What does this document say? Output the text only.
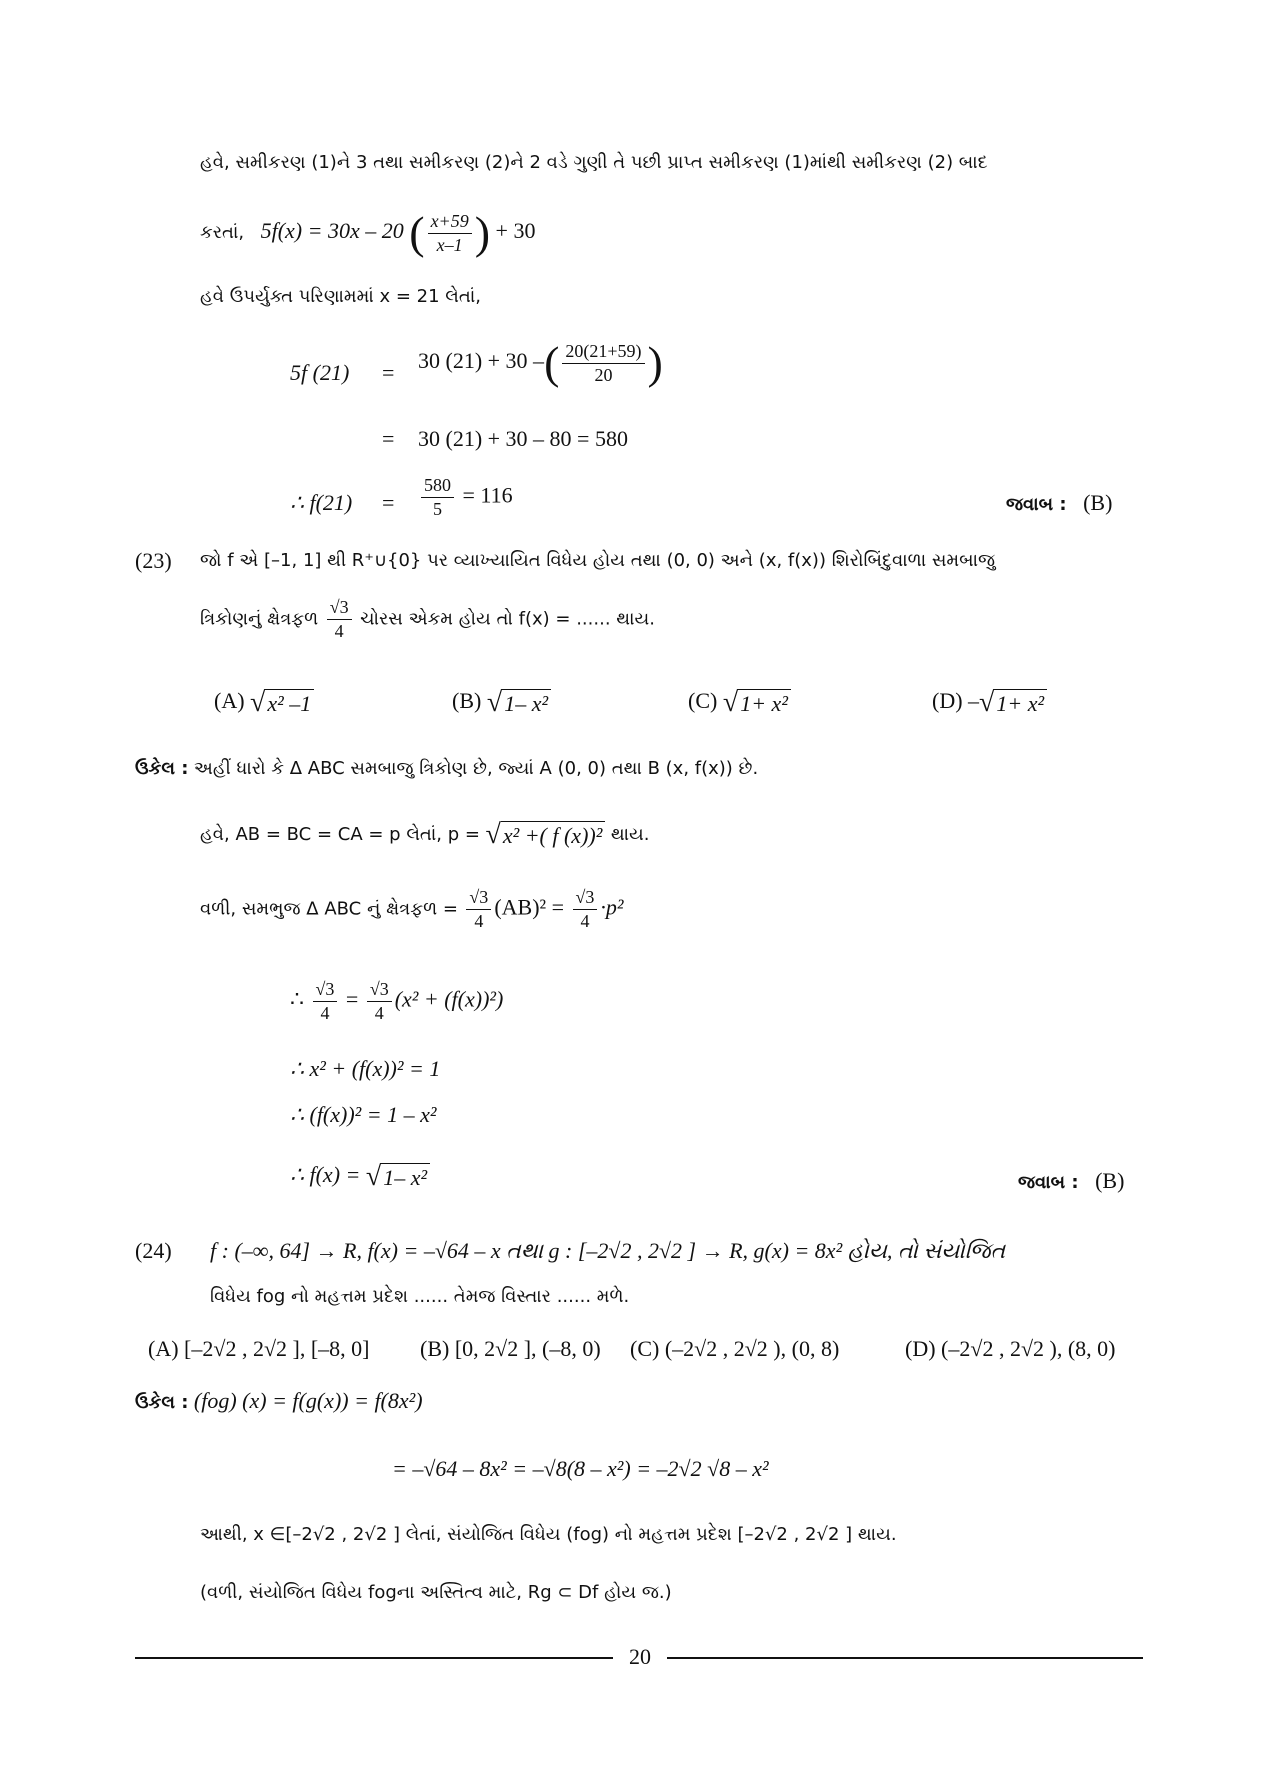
હવે, સમીકરણ (1)ને 3 તથા સમીકરણ (2)ને 2 વડે ગુણી તે પછી પ્રાપ્ત સમીકરણ (1)માંથી સમીકરણ (2) બાદ
કરતાં, 5f(x) = 30x – 20 ( $\frac{x+59}{x-1}$ ) + 30
હવે ઉપર્યુક્ત પરિણામમાં x = 21 લેતાં,
5f (21) = 30 (21) + 30 –( $\frac{20(21+59)}{20}$ )
= 30 (21) + 30 – 80 = 580
∴ $f(21) = \frac{580}{5} = 116$	જવાબ : (B)
(23) જો f એ [–1, 1] થી R⁺∪{0} પર વ્યાખ્યાયિત વિધેય હોય તથા (0, 0) અને (x, f(x)) શિરોબિંદુવાળા સમબાજુ
ત્રિકોણનું ક્ષેત્રફળ $\frac{√3}{4}$ ચોરસ એકમ હોય તો f(x) = ...... થાય.
(A) √ x² –1	(B) √ 1– x²	(C) √ 1+ x²	(D) – √ 1+ x²
ઉકેલ : અહીં ધારો કે Δ ABC સમબાજુ ત્રિકોણ છે, જ્યાં A (0, 0) તથા B (x, f(x)) છે.
હવે, AB = BC = CA = p લેતાં, p = √ x² +( f (x))² થાય.
વળી, સમભુજ Δ ABC નું ક્ષેત્રફળ = $\frac{√3}{4} (AB)^2 = \frac{√3}{4} \cdot p^2$
∴ $\frac{√3}{4} = \frac{√3}{4} (x^2 + (f(x))^2)$
∴ x² + (f(x))² = 1
∴ (f(x))² = 1 – x²
∴ f(x) = √ 1– x²	જવાબ : (B)
(24) f : (–∞, 64] → R, f(x) = –√64 – x તથા g : [–2√2 , 2√2 ] → R, g(x) = 8x² હોય, તો સંયોજિત
વિધેય fog નો મહત્તમ પ્રદેશ ...... તેમજ વિસ્તાર ...... મળે.
(A) [–2√2 , 2√2 ], [–8, 0] (B) [0, 2√2 ], (–8, 0) (C) (–2√2 , 2√2 ), (0, 8)	(D) (–2√2 , 2√2 ), (8, 0)
ઉકેલ : (fog) (x) = f(g(x)) = f(8x²)
= –√64 – 8x² = –√8(8 – x²) = –2√2 √8 – x²
આથી, x ∈[–2√2 , 2√2 ] લેતાં, સંયોજિત વિધેય (fog) નો મહત્તમ પ્રદેશ [–2√2 , 2√2 ] થાય.
(વળી, સંયોજિત વિધેય fogના અસ્તિત્વ માટે, Rg ⊂ Df હોય જ.)
20
